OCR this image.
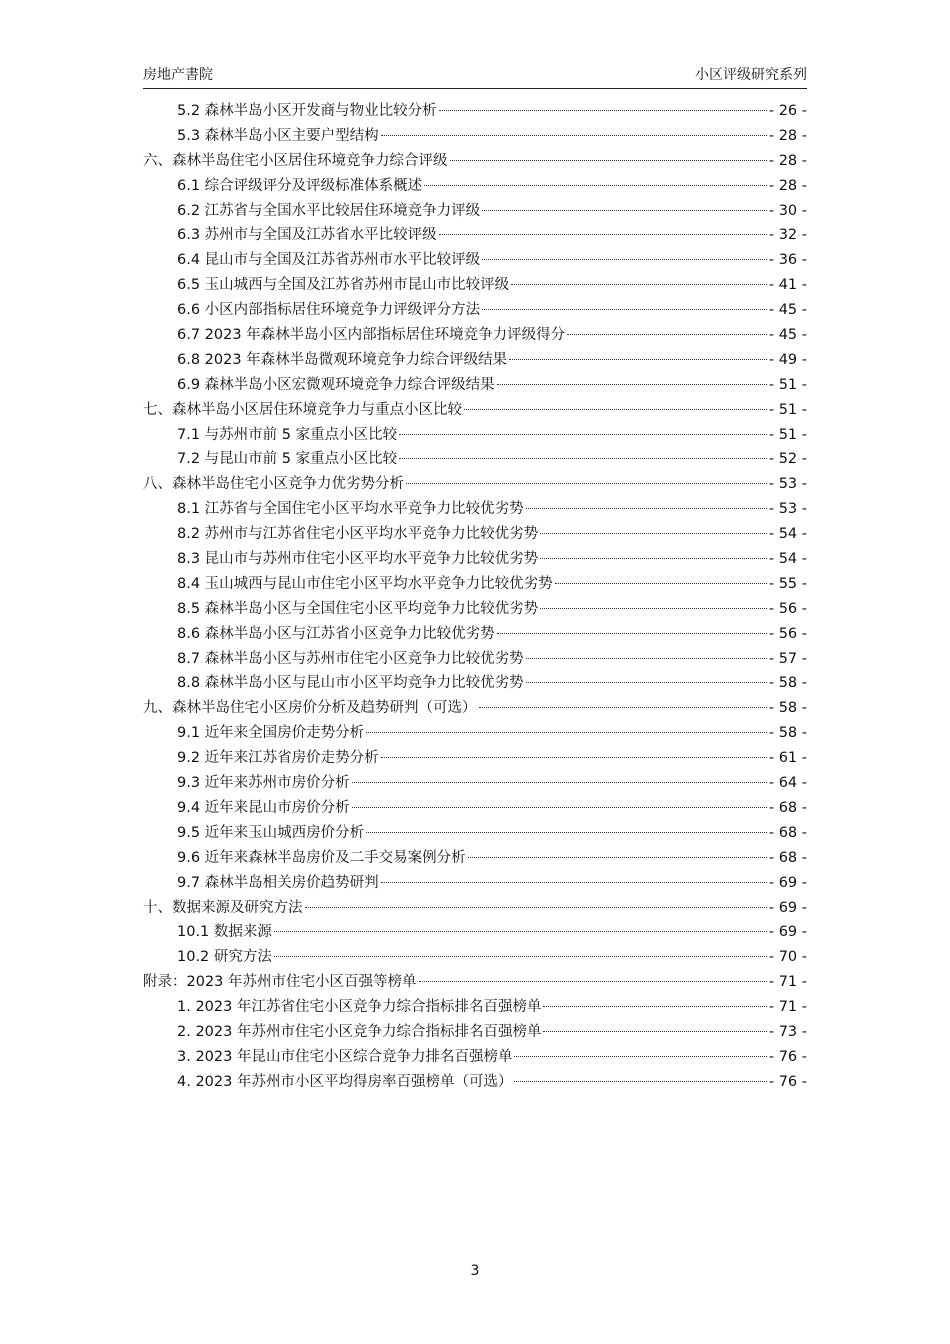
房地产書院	小区评级研究系列
5.2 森林半岛小区开发商与物业比较分析	- 26 -
5.3 森林半岛小区主要户型结构	- 28 -
六、森林半岛住宅小区居住环境竞争力综合评级	- 28 -
6.1 综合评级评分及评级标准体系概述	- 28 -
6.2 江苏省与全国水平比较居住环境竞争力评级	- 30 -
6.3 苏州市与全国及江苏省水平比较评级	- 32 -
6.4 昆山市与全国及江苏省苏州市水平比较评级	- 36 -
6.5 玉山城西与全国及江苏省苏州市昆山市比较评级	- 41 -
6.6 小区内部指标居住环境竞争力评级评分方法	- 45 -
6.7 2023 年森林半岛小区内部指标居住环境竞争力评级得分	- 45 -
6.8 2023 年森林半岛微观环境竞争力综合评级结果	- 49 -
6.9 森林半岛小区宏微观环境竞争力综合评级结果	- 51 -
七、森林半岛小区居住环境竞争力与重点小区比较	- 51 -
7.1 与苏州市前 5 家重点小区比较	- 51 -
7.2 与昆山市前 5 家重点小区比较	- 52 -
八、森林半岛住宅小区竞争力优劣势分析	- 53 -
8.1 江苏省与全国住宅小区平均水平竞争力比较优劣势	- 53 -
8.2 苏州市与江苏省住宅小区平均水平竞争力比较优劣势	- 54 -
8.3 昆山市与苏州市住宅小区平均水平竞争力比较优劣势	- 54 -
8.4 玉山城西与昆山市住宅小区平均水平竞争力比较优劣势	- 55 -
8.5 森林半岛小区与全国住宅小区平均竞争力比较优劣势	- 56 -
8.6 森林半岛小区与江苏省小区竞争力比较优劣势	- 56 -
8.7 森林半岛小区与苏州市住宅小区竞争力比较优劣势	- 57 -
8.8 森林半岛小区与昆山市小区平均竞争力比较优劣势	- 58 -
九、森林半岛住宅小区房价分析及趋势研判（可选）	- 58 -
9.1 近年来全国房价走势分析	- 58 -
9.2 近年来江苏省房价走势分析	- 61 -
9.3 近年来苏州市房价分析	- 64 -
9.4 近年来昆山市房价分析	- 68 -
9.5 近年来玉山城西房价分析	- 68 -
9.6 近年来森林半岛房价及二手交易案例分析	- 68 -
9.7 森林半岛相关房价趋势研判	- 69 -
十、数据来源及研究方法	- 69 -
10.1 数据来源	- 69 -
10.2 研究方法	- 70 -
附录：2023 年苏州市住宅小区百强等榜单	- 71 -
1. 2023 年江苏省住宅小区竞争力综合指标排名百强榜单	- 71 -
2. 2023 年苏州市住宅小区竞争力综合指标排名百强榜单	- 73 -
3. 2023 年昆山市住宅小区综合竞争力排名百强榜单	- 76 -
4. 2023 年苏州市小区平均得房率百强榜单（可选）	- 76 -
3
